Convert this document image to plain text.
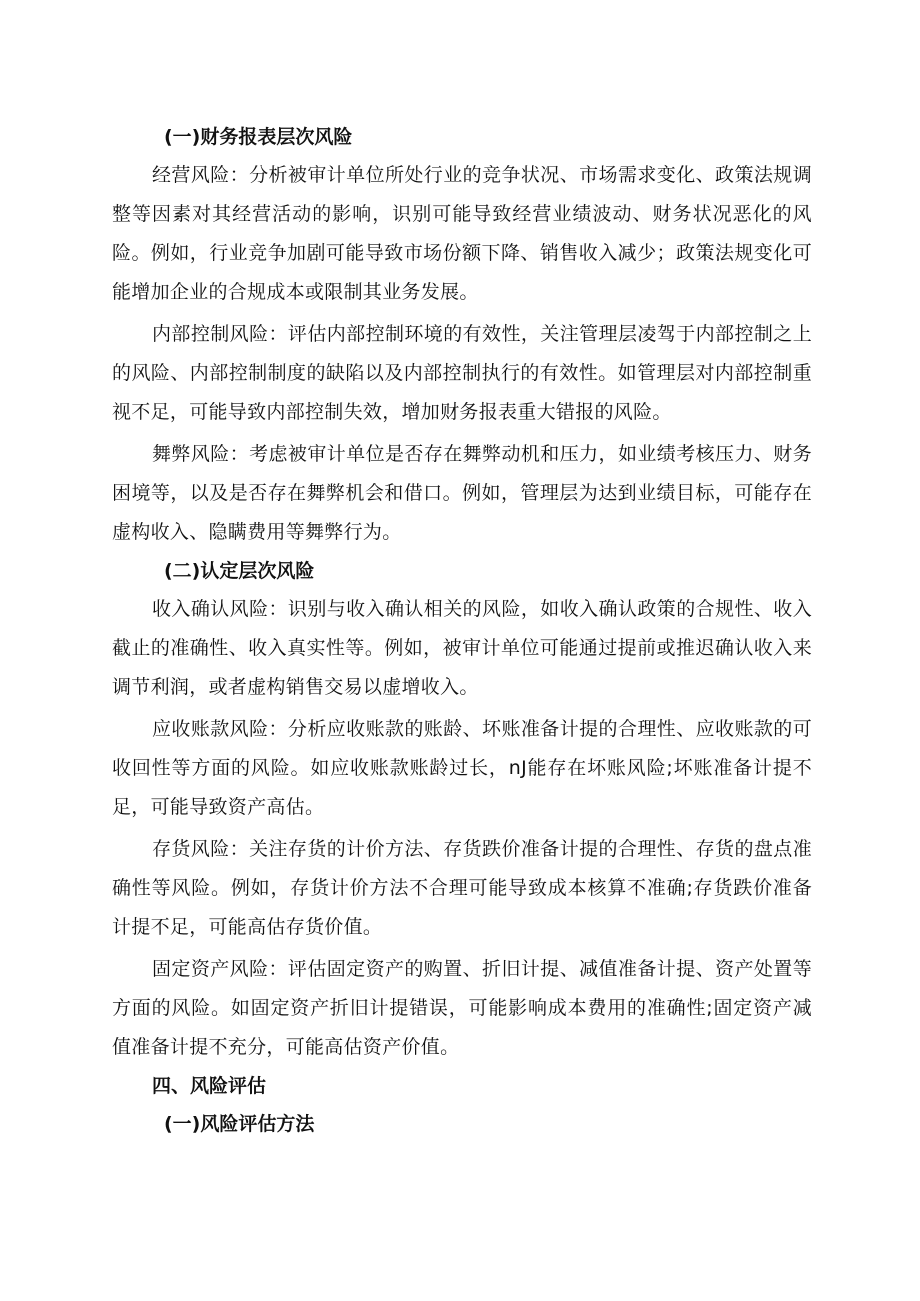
(一)财务报表层次风险

经营风险：分析被审计单位所处行业的竞争状况、市场需求变化、政策法规调整等因素对其经营活动的影响，识别可能导致经营业绩波动、财务状况恶化的风险。例如，行业竞争加剧可能导致市场份额下降、销售收入减少；政策法规变化可能增加企业的合规成本或限制其业务发展。

内部控制风险：评估内部控制环境的有效性，关注管理层凌驾于内部控制之上的风险、内部控制制度的缺陷以及内部控制执行的有效性。如管理层对内部控制重视不足，可能导致内部控制失效，增加财务报表重大错报的风险。

舞弊风险：考虑被审计单位是否存在舞弊动机和压力，如业绩考核压力、财务困境等，以及是否存在舞弊机会和借口。例如，管理层为达到业绩目标，可能存在虚构收入、隐瞒费用等舞弊行为。

(二)认定层次风险

收入确认风险：识别与收入确认相关的风险，如收入确认政策的合规性、收入截止的准确性、收入真实性等。例如，被审计单位可能通过提前或推迟确认收入来调节利润，或者虚构销售交易以虚增收入。

应收账款风险：分析应收账款的账龄、坏账准备计提的合理性、应收账款的可收回性等方面的风险。如应收账款账龄过长，nJ能存在坏账风险;坏账准备计提不足，可能导致资产高估。

存货风险：关注存货的计价方法、存货跌价准备计提的合理性、存货的盘点准确性等风险。例如，存货计价方法不合理可能导致成本核算不准确;存货跌价准备计提不足，可能高估存货价值。

固定资产风险：评估固定资产的购置、折旧计提、减值准备计提、资产处置等方面的风险。如固定资产折旧计提错误，可能影响成本费用的准确性;固定资产减值准备计提不充分，可能高估资产价值。

四、风险评估
(一)风险评估方法
